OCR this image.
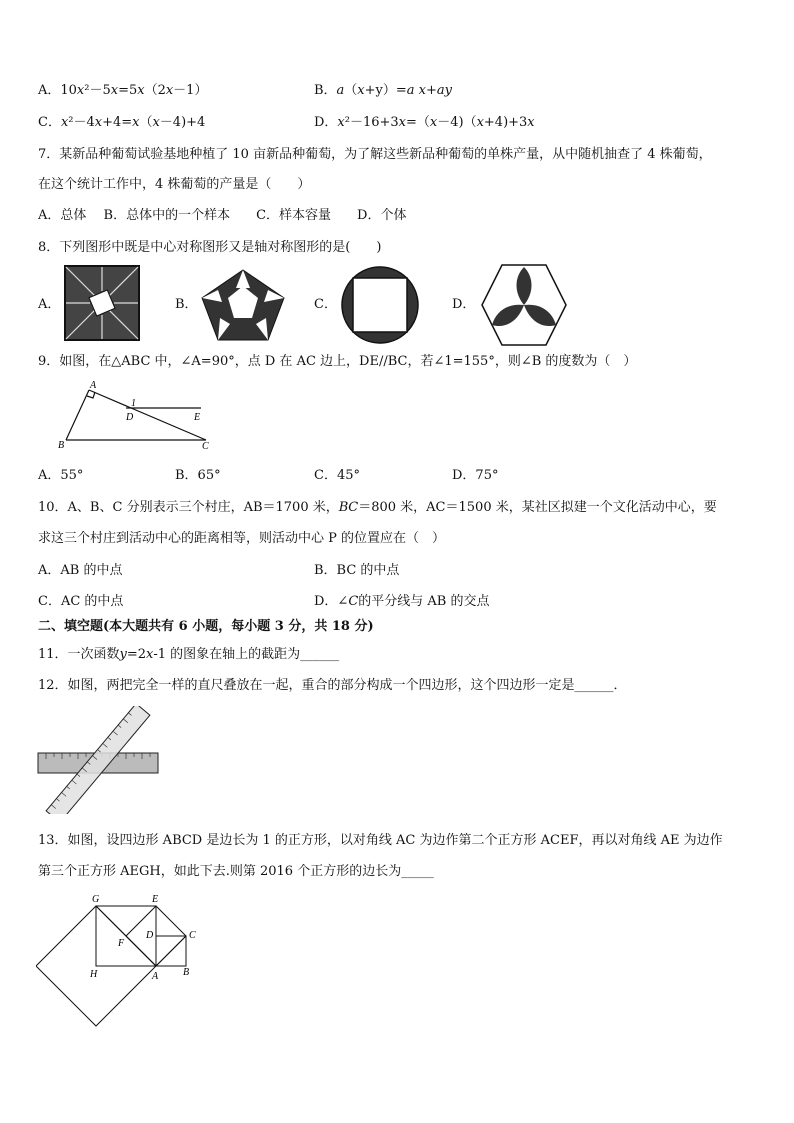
A．10𝑥²－5𝑥=5𝑥（2𝑥－1）	B．𝑎（𝑥+y）=𝑎 𝑥+𝑎𝑦
C．𝑥²－4𝑥+4=𝑥（𝑥－4)+4	D．𝑥²－16+3𝑥=（𝑥－4)（𝑥+4)+3𝑥
7．某新品种葡萄试验基地种植了 10 亩新品种葡萄，为了解这些新品种葡萄的单株产量，从中随机抽查了 4 株葡萄，
在这个统计工作中，4 株葡萄的产量是（　　）
A．总体　 B．总体中的一个样本　　C．样本容量　　D．个体
8．下列图形中既是中心对称图形又是轴对称图形的是(　　)
A．	B．	C．	D．
9．如图，在△ABC 中，∠A=90°，点 D 在 AC 边上，DE//BC，若∠1=155°，则∠B 的度数为（　）
A
B	C
D	E
1
A．55°	B．65°	C．45°	D．75°
10．A、B、C 分别表示三个村庄，AB＝1700 米，𝐵𝐶＝800 米，AC＝1500 米，某社区拟建一个文化活动中心，要
求这三个村庄到活动中心的距离相等，则活动中心 P 的位置应在（　）
A．AB 的中点	B．BC 的中点
C．AC 的中点	D．∠𝐶的平分线与 AB 的交点
二、填空题(本大题共有 6 小题，每小题 3 分，共 18 分)
11．一次函数𝑦=2𝑥-1 的图象在轴上的截距为______
12．如图，两把完全一样的直尺叠放在一起，重合的部分构成一个四边形，这个四边形一定是______．
13．如图，设四边形 ABCD 是边长为 1 的正方形，以对角线 AC 为边作第二个正方形 ACEF，再以对角线 AE 为边作
第三个正方形 AEGH，如此下去.则第 2016 个正方形的边长为_____
G	E
D	C
F
H	A B
